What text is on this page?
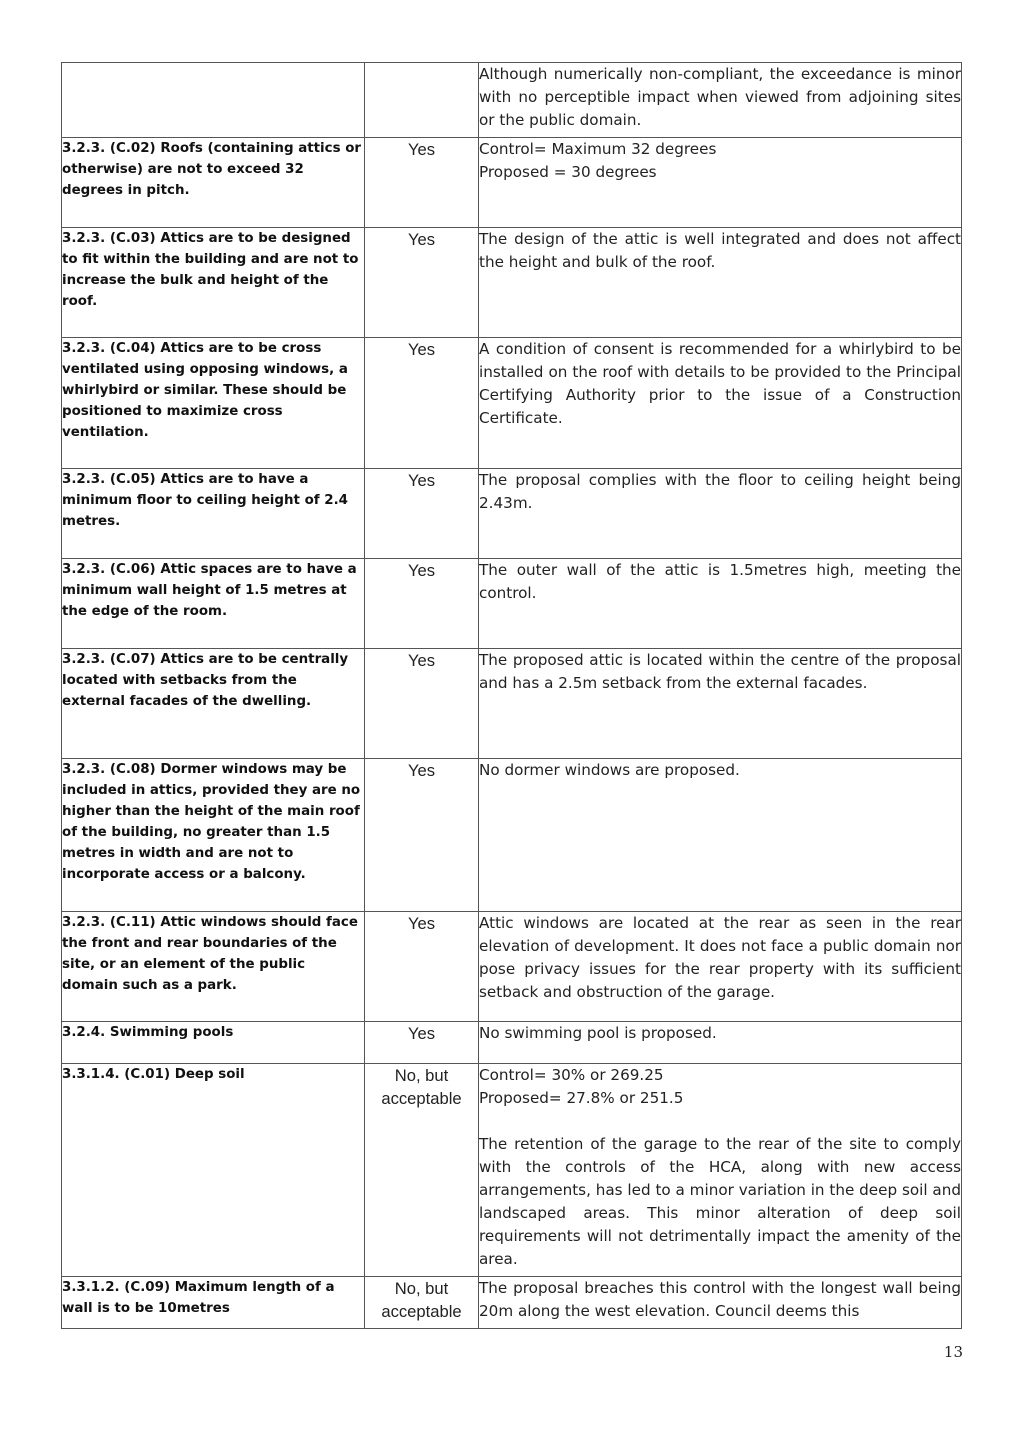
		Although numerically non-compliant, the exceedance is minor with no perceptible impact when viewed from adjoining sites or the public domain.

3.2.3. (C.02) Roofs (containing attics or otherwise) are not to exceed 32 degrees in pitch.	Yes	Control= Maximum 32 degrees

Proposed = 30 degrees

3.2.3. (C.03) Attics are to be designed to fit within the building and are not to increase the bulk and height of the roof.	Yes	The design of the attic is well integrated and does not affect the height and bulk of the roof.

3.2.3. (C.04) Attics are to be cross ventilated using opposing windows, a whirlybird or similar. These should be positioned to maximize cross ventilation.	Yes	A condition of consent is recommended for a whirlybird to be installed on the roof with details to be provided to the Principal Certifying Authority prior to the issue of a Construction Certificate.

3.2.3. (C.05) Attics are to have a minimum floor to ceiling height of 2.4 metres.	Yes	The proposal complies with the floor to ceiling height being 2.43m.

3.2.3. (C.06) Attic spaces are to have a minimum wall height of 1.5 metres at the edge of the room.	Yes	The outer wall of the attic is 1.5metres high, meeting the control.

3.2.3. (C.07) Attics are to be centrally located with setbacks from the external facades of the dwelling.	Yes	The proposed attic is located within the centre of the proposal and has a 2.5m setback from the external facades.

3.2.3. (C.08) Dormer windows may be included in attics, provided they are no higher than the height of the main roof of the building, no greater than 1.5 metres in width and are not to incorporate access or a balcony.	Yes	No dormer windows are proposed.

3.2.3. (C.11) Attic windows should face the front and rear boundaries of the site, or an element of the public domain such as a park.	Yes	Attic windows are located at the rear as seen in the rear elevation of development. It does not face a public domain nor pose privacy issues for the rear property with its sufficient setback and obstruction of the garage.

3.2.4. Swimming pools	Yes	No swimming pool is proposed.

3.3.1.4. (C.01) Deep soil	No, but acceptable	Control= 30% or 269.25

Proposed= 27.8% or 251.5

The retention of the garage to the rear of the site to comply with the controls of the HCA, along with new access arrangements, has led to a minor variation in the deep soil and landscaped areas. This minor alteration of deep soil requirements will not detrimentally impact the amenity of the area.

3.3.1.2. (C.09) Maximum length of a wall is to be 10metres	No, but acceptable	The proposal breaches this control with the longest wall being 20m along the west elevation. Council deems this

13
